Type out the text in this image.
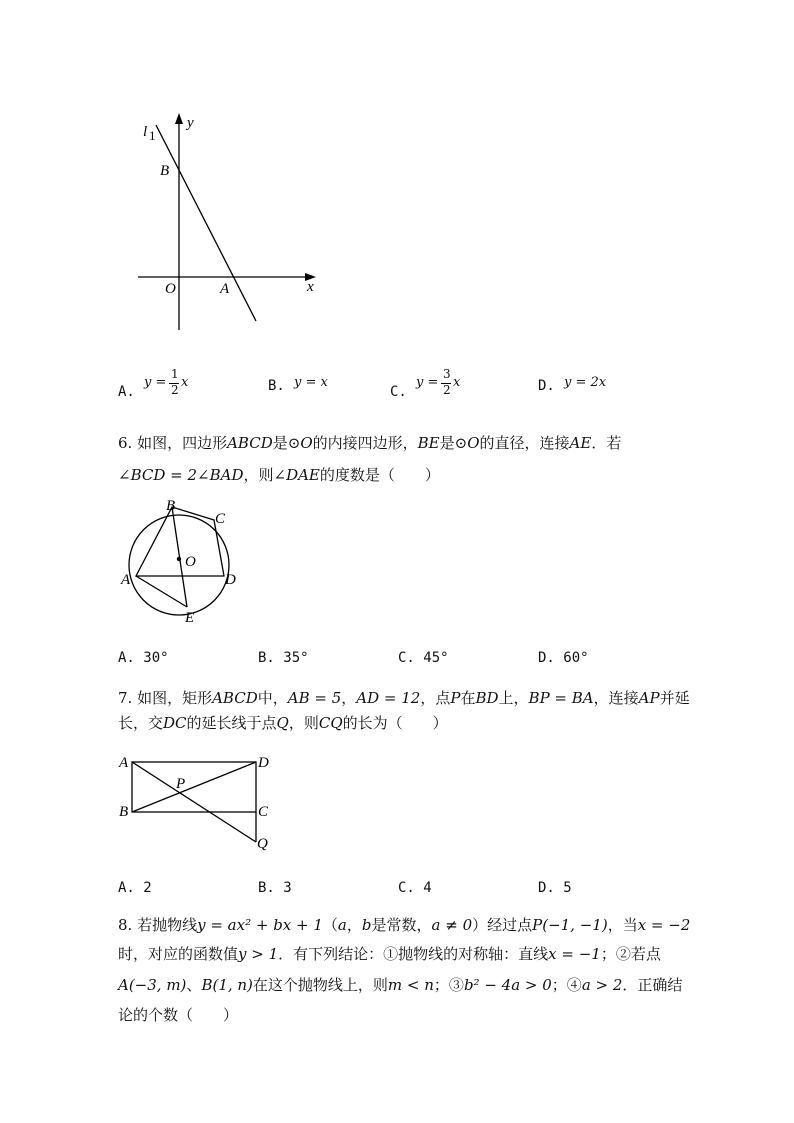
l 1
y
x
O	A
B
A.
y =
1
2 x	B. y = x
C.
y =
3
2 x	D. y = 2x
6. 如图，四边形ABCD是⊙O的内接四边形，BE是⊙O的直径，连接AE．若
∠BCD = 2∠BAD，则∠DAE的度数是（　　）
B
C
O
A	D
E
A. 30°	B. 35°	C. 45°	D. 60°
7. 如图，矩形ABCD中，AB = 5，AD = 12，点P在BD上，BP = BA，连接AP并延
长，交DC的延长线于点Q，则CQ的长为（　　）
A	D
P
B	C
Q
A. 2	B. 3	C. 4	D. 5
8. 若抛物线y = ax² + bx + 1（a，b是常数，a ≠ 0）经过点P(−1, −1)，当x = −2
时，对应的函数值y > 1．有下列结论：①抛物线的对称轴：直线x = −1；②若点
A(−3, m)、B(1, n)在这个抛物线上，则m < n；③b² − 4a > 0；④a > 2．正确结
论的个数（　　）
